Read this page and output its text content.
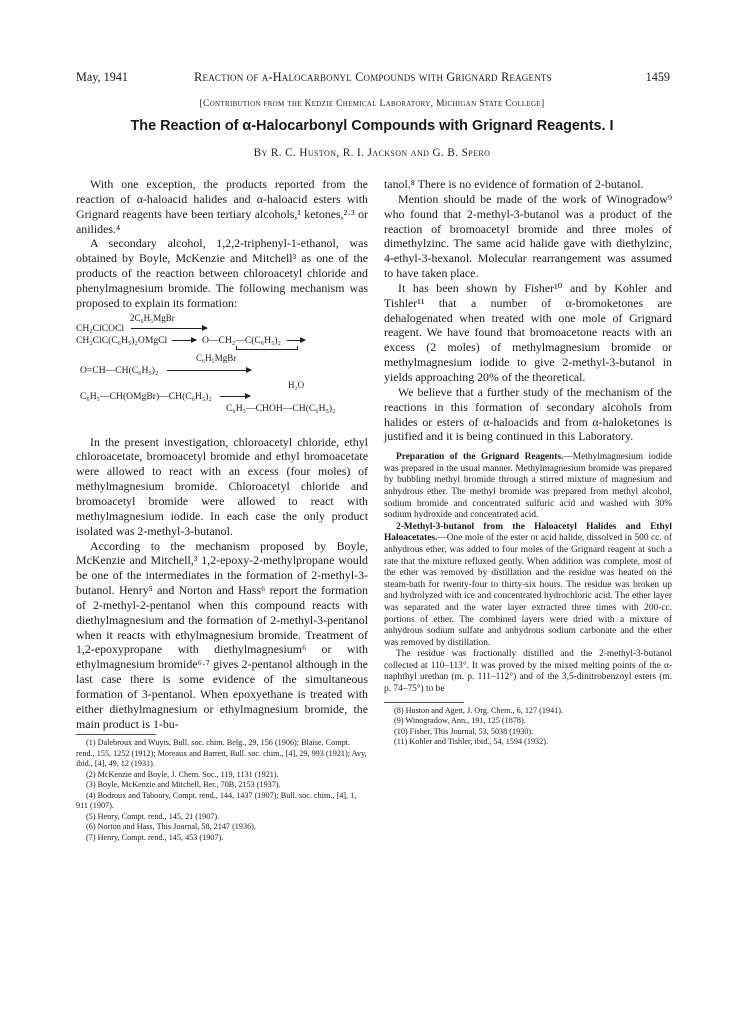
May, 1941	Reaction of α-Halocarbonyl Compounds with Grignard Reagents	1459
[Contribution from the Kedzie Chemical Laboratory, Michigan State College]
The Reaction of α-Halocarbonyl Compounds with Grignard Reagents. I
By R. C. Huston, R. I. Jackson and G. B. Spero

With one exception, the products reported from the reaction of α-haloacid halides and α-haloacid esters with Grignard reagents have been tertiary alcohols,¹ ketones,²·³ or anilides.⁴

A secondary alcohol, 1,2,2-triphenyl-1-ethanol, was obtained by Boyle, McKenzie and Mitchell³ as one of the products of the reaction between chloroacetyl chloride and phenylmagnesium bromide. The following mechanism was proposed to explain its formation:

2C₆H₅MgBr
CH₂ClCOCl
CH₂ClC(C₆H₅)₂OMgCl → O—CH₂—C(C₆H₅)₂ →
C₆H₅MgBr
O=CH—CH(C₆H₅)₂
H₂O
C₆H₅—CH(OMgBr)—CH(C₆H₅)₂ →
C₆H₅—CHOH—CH(C₆H₅)₂

In the present investigation, chloroacetyl chloride, ethyl chloroacetate, bromoacetyl bromide and ethyl bromoacetate were allowed to react with an excess (four moles) of methylmagnesium bromide. Chloroacetyl chloride and bromoacetyl bromide were allowed to react with methylmagnesium iodide. In each case the only product isolated was 2-methyl-3-butanol.

According to the mechanism proposed by Boyle, McKenzie and Mitchell,³ 1,2-epoxy-2-methylpropane would be one of the intermediates in the formation of 2-methyl-3-butanol. Henry⁵ and Norton and Hass⁶ report the formation of 2-methyl-2-pentanol when this compound reacts with diethylmagnesium and the formation of 2-methyl-3-pentanol when it reacts with ethylmagnesium bromide. Treatment of 1,2-epoxypropane with diethylmagnesium⁶ or with ethylmagnesium bromide⁶·⁷ gives 2-pentanol although in the last case there is some evidence of the simultaneous formation of 3-pentanol. When epoxyethane is treated with either diethylmagnesium or ethylmagnesium bromide, the main product is 1-bu-

(1) Dalebroux and Wuyts, Bull. soc. chim. Belg., 29, 156 (1906); Blaise, Compt. rend., 155, 1252 (1912); Moreaux and Barrett, Bull. soc. chim., [4], 29, 993 (1921); Avy, ibid., [4], 49, 12 (1931).

(2) McKenzie and Boyle, J. Chem. Soc., 119, 1131 (1921).

(3) Boyle, McKenzie and Mitchell, Ber., 70B, 2153 (1937).

(4) Bodroux and Taboury, Compt. rend., 144, 1437 (1907); Bull. soc. chim., [4], 1, 911 (1907).

(5) Henry, Compt. rend., 145, 21 (1907).

(6) Norton and Hass, This Journal, 58, 2147 (1936).

(7) Henry, Compt. rend., 145, 453 (1907).

tanol.⁸ There is no evidence of formation of 2-butanol.

Mention should be made of the work of Winogradow⁹ who found that 2-methyl-3-butanol was a product of the reaction of bromoacetyl bromide and three moles of dimethylzinc. The same acid halide gave with diethylzinc, 4-ethyl-3-hexanol. Molecular rearrangement was assumed to have taken place.

It has been shown by Fisher¹⁰ and by Kohler and Tishler¹¹ that a number of α-bromoketones are dehalogenated when treated with one mole of Grignard reagent. We have found that bromoacetone reacts with an excess (2 moles) of methylmagnesium bromide or methylmagnesium iodide to give 2-methyl-3-butanol in yields approaching 20% of the theoretical.

We believe that a further study of the mechanism of the reactions in this formation of secondary alcohols from halides or esters of α-haloacids and from α-haloketones is justified and it is being continued in this Laboratory.

Preparation of the Grignard Reagents.—Methylmagnesium iodide was prepared in the usual manner. Methylmagnesium bromide was prepared by bubbling methyl bromide through a stirred mixture of magnesium and anhydrous ether. The methyl bromide was prepared from methyl alcohol, sodium bromide and concentrated sulfuric acid and washed with 30% sodium hydroxide and concentrated acid.

2-Methyl-3-butanol from the Haloacetyl Halides and Ethyl Haloacetates.—One mole of the ester or acid halide, dissolved in 500 cc. of anhydrous ether, was added to four moles of the Grignard reagent at such a rate that the mixture refluxed gently. When addition was complete, most of the ether was removed by distillation and the residue was heated on the steam-bath for twenty-four to thirty-six hours. The residue was broken up and hydrolyzed with ice and concentrated hydrochloric acid. The ether layer was separated and the water layer extracted three times with 200-cc. portions of ether. The combined layers were dried with a mixture of anhydrous sodium sulfate and anhydrous sodium carbonate and the ether was removed by distillation.

The residue was fractionally distilled and the 2-methyl-3-butanol collected at 110–113°. It was proved by the mixed melting points of the α-naphthyl urethan (m. p. 111–112°) and of the 3,5-dinitrobenzoyl esters (m. p. 74–75°) to be

(8) Huston and Agett, J. Org. Chem., 6, 127 (1941).

(9) Winogradow, Ann., 191, 125 (1878).

(10) Fisher, This Journal, 53, 5038 (1930).

(11) Kohler and Tishler, ibid., 54, 1594 (1932).
